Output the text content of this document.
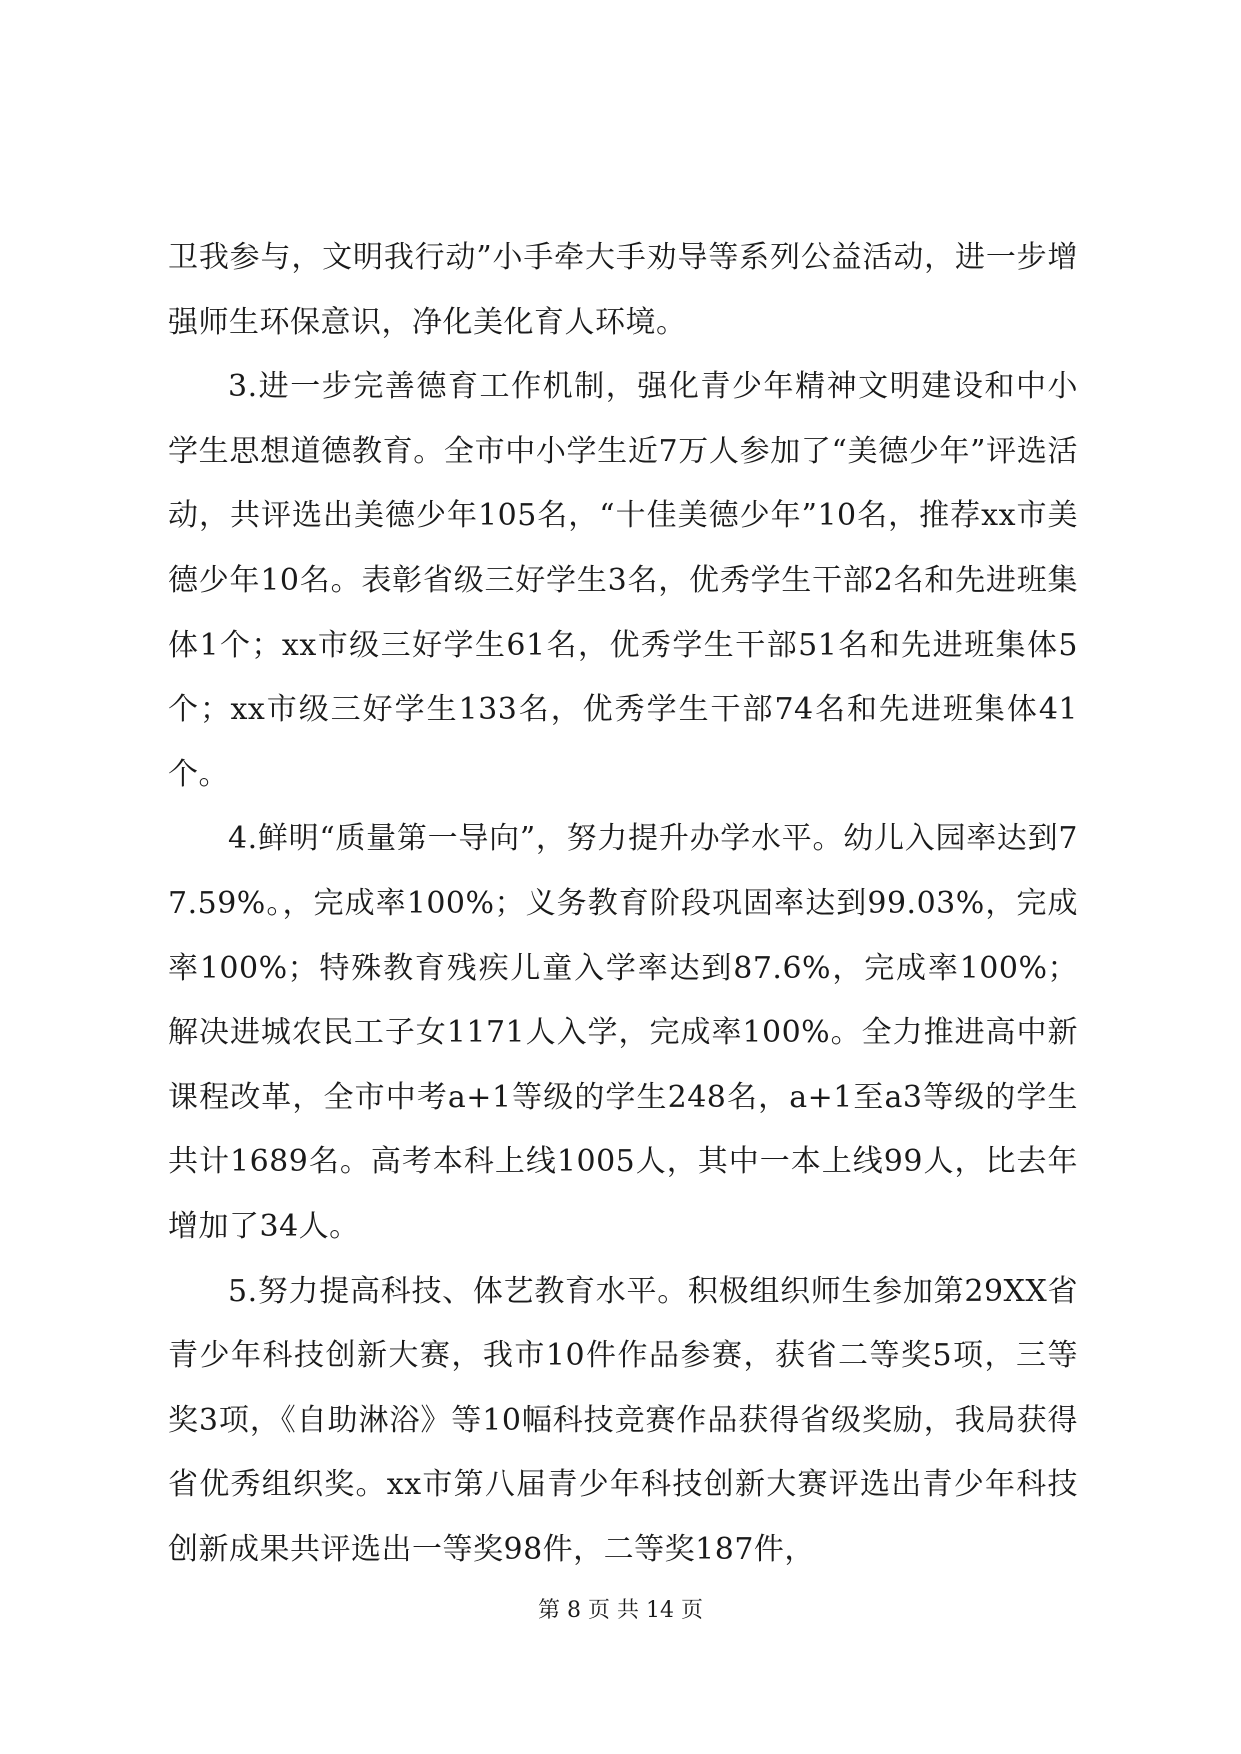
卫我参与，文明我行动”小手牵大手劝导等系列公益活动，进一步增强师生环保意识，净化美化育人环境。

3.进一步完善德育工作机制，强化青少年精神文明建设和中小学生思想道德教育。全市中小学生近7万人参加了“美德少年”评选活动，共评选出美德少年105名，“十佳美德少年”10名，推荐xx市美德少年10名。表彰省级三好学生3名，优秀学生干部2名和先进班集体1个；xx市级三好学生61名，优秀学生干部51名和先进班集体5个；xx市级三好学生133名，优秀学生干部74名和先进班集体41个。

4.鲜明“质量第一导向”，努力提升办学水平。幼儿入园率达到77.59%。，完成率100%；义务教育阶段巩固率达到99.03%，完成率100%；特殊教育残疾儿童入学率达到87.6%，完成率100%；解决进城农民工子女1171人入学，完成率100%。全力推进高中新课程改革，全市中考a+1等级的学生248名，a+1至a3等级的学生共计1689名。高考本科上线1005人，其中一本上线99人，比去年增加了34人。

5.努力提高科技、体艺教育水平。积极组织师生参加第29XX省青少年科技创新大赛，我市10件作品参赛，获省二等奖5项，三等奖3项，《自助淋浴》等10幅科技竞赛作品获得省级奖励，我局获得省优秀组织奖。xx市第八届青少年科技创新大赛评选出青少年科技创新成果共评选出一等奖98件，二等奖187件，

第 8 页 共 14 页
